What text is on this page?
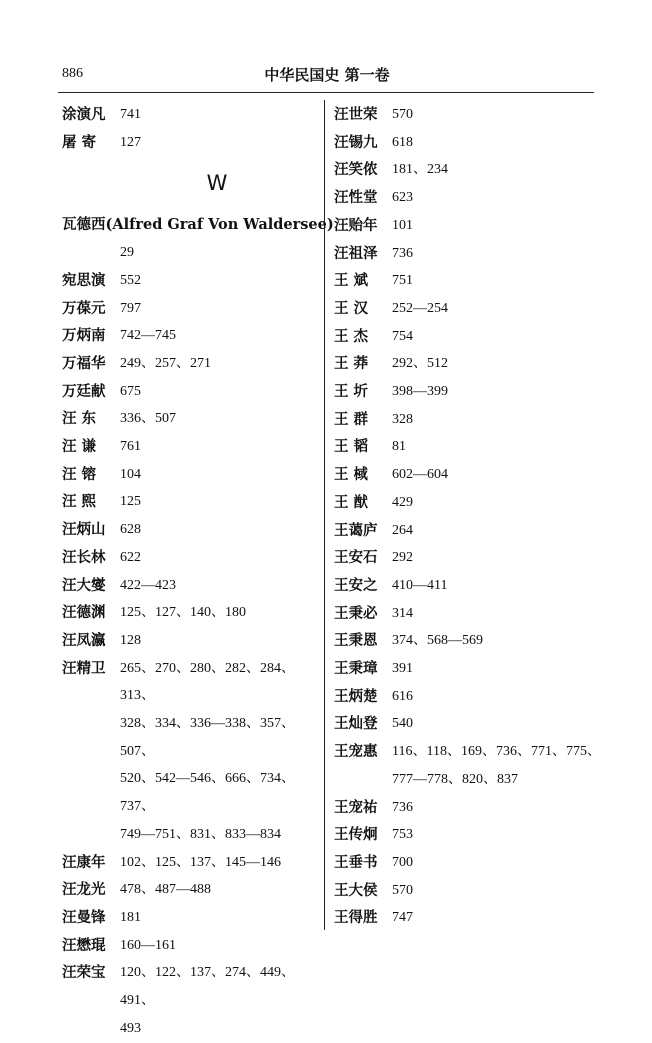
886	中华民国史 第一卷
涂演凡	741
屠 寄	127
W
瓦德西(Alfred Graf Von Waldersee)
29
宛思演	552
万葆元	797
万炳南	742—745
万福华	249、257、271
万廷献	675
汪 东	336、507
汪 谦	761
汪 镕	104
汪 熙	125
汪炳山	628
汪长林	622
汪大燮	422—423
汪德渊	125、127、140、180
汪凤瀛	128
汪精卫	265、270、280、282、284、313、
328、334、336—338、357、507、
520、542—546、666、734、737、
749—751、831、833—834
汪康年	102、125、137、145—146
汪龙光	478、487—488
汪曼锋	181
汪懋琨	160—161
汪荣宝	120、122、137、274、449、491、
493
汪世荣	570
汪锡九	618
汪笑侬	181、234
汪性堂	623
汪贻年	101
汪祖泽	736
王 斌	751
王 汉	252—254
王 杰	754
王 莽	292、512
王 圻	398—399
王 群	328
王 韬	81
王 棫	602—604
王 猷	429
王蔼庐	264
王安石	292
王安之	410—411
王秉必	314
王秉恩	374、568—569
王秉璋	391
王炳楚	616
王灿登	540
王宠惠	116、118、169、736、771、775、
777—778、820、837
王宠祐	736
王传炯	753
王垂书	700
王大侯	570
王得胜	747
